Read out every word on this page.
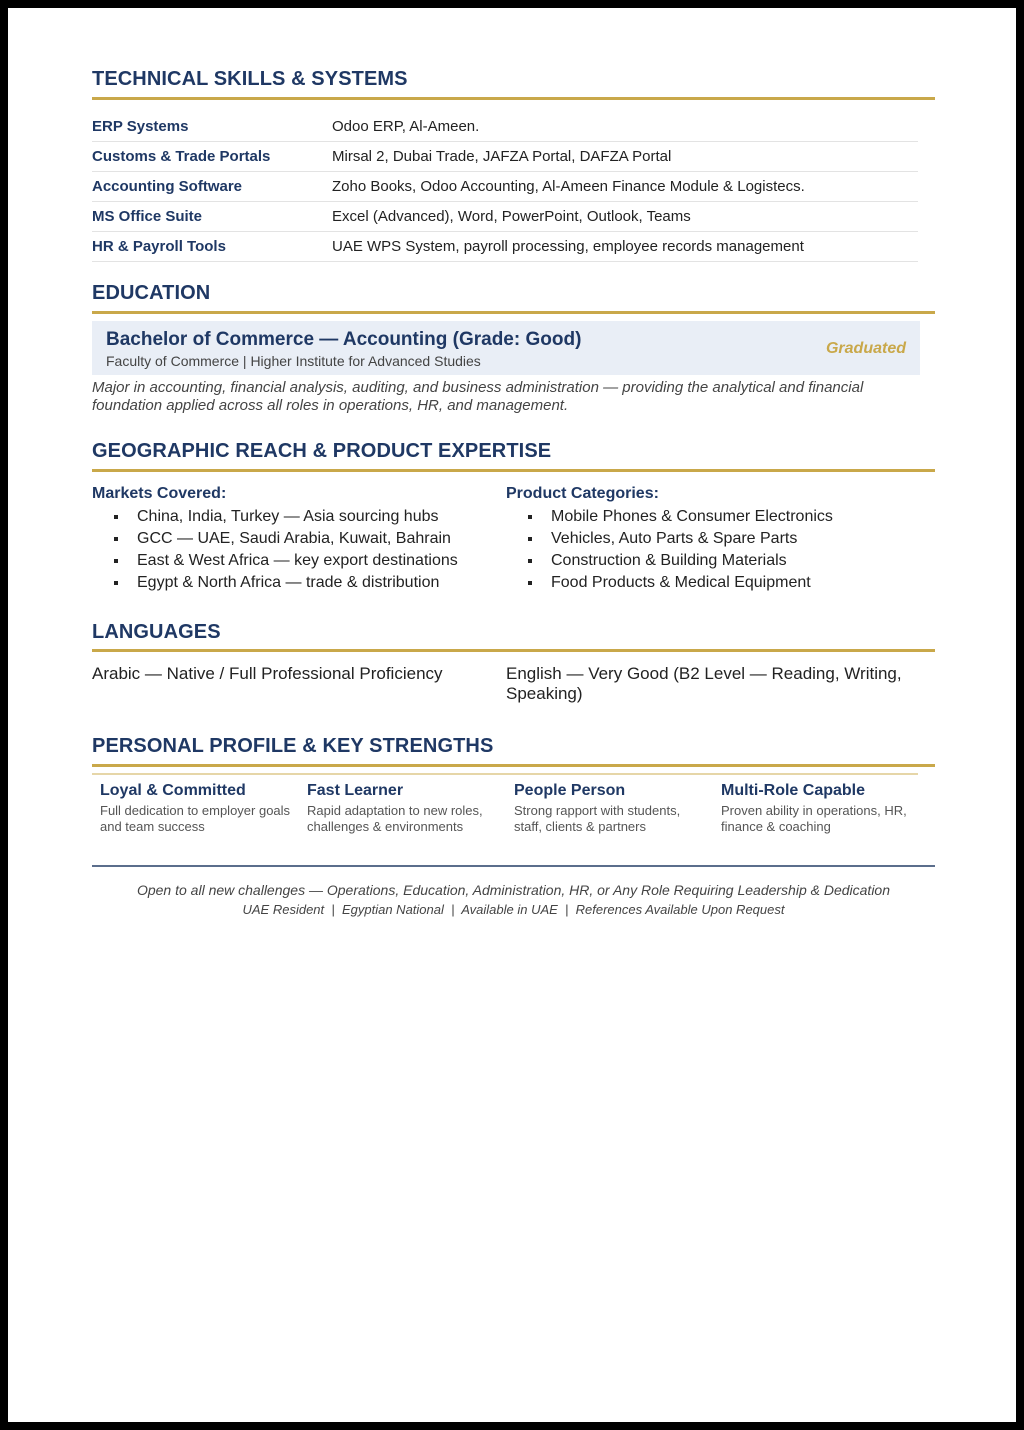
TECHNICAL SKILLS & SYSTEMS
ERP Systems	Odoo ERP, Al-Ameen.
Customs & Trade Portals	Mirsal 2, Dubai Trade, JAFZA Portal, DAFZA Portal
Accounting Software	Zoho Books, Odoo Accounting, Al-Ameen Finance Module & Logistecs.
MS Office Suite	Excel (Advanced), Word, PowerPoint, Outlook, Teams
HR & Payroll Tools	UAE WPS System, payroll processing, employee records management
EDUCATION
Bachelor of Commerce — Accounting (Grade: Good)
Faculty of Commerce | Higher Institute for Advanced Studies
Graduated
Major in accounting, financial analysis, auditing, and business administration — providing the analytical and financial foundation applied across all roles in operations, HR, and management.
GEOGRAPHIC REACH & PRODUCT EXPERTISE
Markets Covered:
China, India, Turkey — Asia sourcing hubs
GCC — UAE, Saudi Arabia, Kuwait, Bahrain
East & West Africa — key export destinations
Egypt & North Africa — trade & distribution
Product Categories:
Mobile Phones & Consumer Electronics
Vehicles, Auto Parts & Spare Parts
Construction & Building Materials
Food Products & Medical Equipment
LANGUAGES
Arabic — Native / Full Professional Proficiency	English — Very Good (B2 Level — Reading, Writing, Speaking)
PERSONAL PROFILE & KEY STRENGTHS
Loyal & Committed
Full dedication to employer goals and team success
Fast Learner
Rapid adaptation to new roles, challenges & environments
People Person
Strong rapport with students, staff, clients & partners
Multi-Role Capable
Proven ability in operations, HR, finance & coaching
Open to all new challenges — Operations, Education, Administration, HR, or Any Role Requiring Leadership & Dedication
UAE Resident  |  Egyptian National  |  Available in UAE  |  References Available Upon Request
